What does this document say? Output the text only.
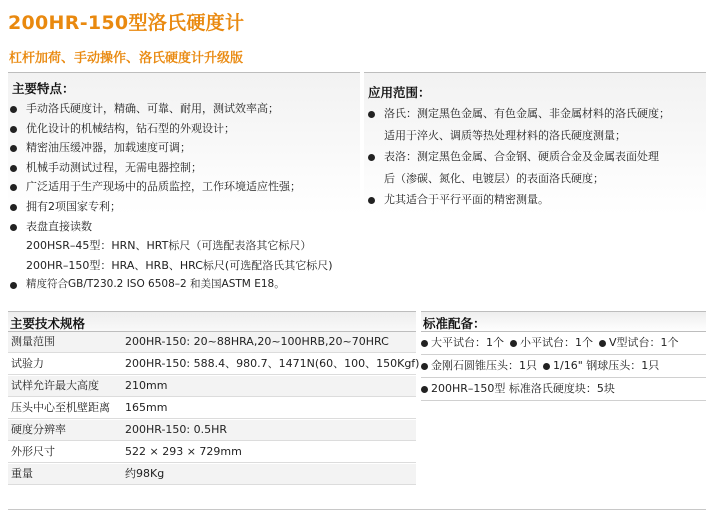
200HR-150型洛氏硬度计
杠杆加荷、手动操作、洛氏硬度计升级版
主要特点：
手动洛氏硬度计，精确、可靠、耐用，测试效率高；
优化设计的机械结构，钻石型的外观设计；
精密油压缓冲器，加载速度可调；
机械手动测试过程，无需电器控制；
广泛适用于生产现场中的品质监控，工作环境适应性强；
拥有2项国家专利；
表盘直接读数
200HSR–45型：HRN、HRT标尺（可选配表洛其它标尺）
200HR–150型：HRA、HRB、HRC标尺(可选配洛氏其它标尺)
精度符合GB/T230.2 ISO 6508–2 和美国ASTM E18。
应用范围：
洛氏：测定黑色金属、有色金属、非金属材料的洛氏硬度；
适用于淬火、调质等热处理材料的洛氏硬度测量；
表洛：测定黑色金属、合金钢、硬质合金及金属表面处理
后（渗碳、氮化、电镀层）的表面洛氏硬度；
尤其适合于平行平面的精密测量。
主要技术规格
测量范围	200HR-150: 20~88HRA,20~100HRB,20~70HRC
试验力	200HR-150: 588.4、980.7、1471N(60、100、150Kgf)
试样允许最大高度 210mm
压头中心至机壁距离 165mm
硬度分辨率	200HR-150: 0.5HR
外形尺寸	522 × 293 × 729mm
重量	约98Kg
标准配备：
大平试台：1个 小平试台：1个 V型试台：1个
金刚石圆锥压头：1只 1/16" 钢球压头：1只
200HR–150型 标准洛氏硬度块：5块
